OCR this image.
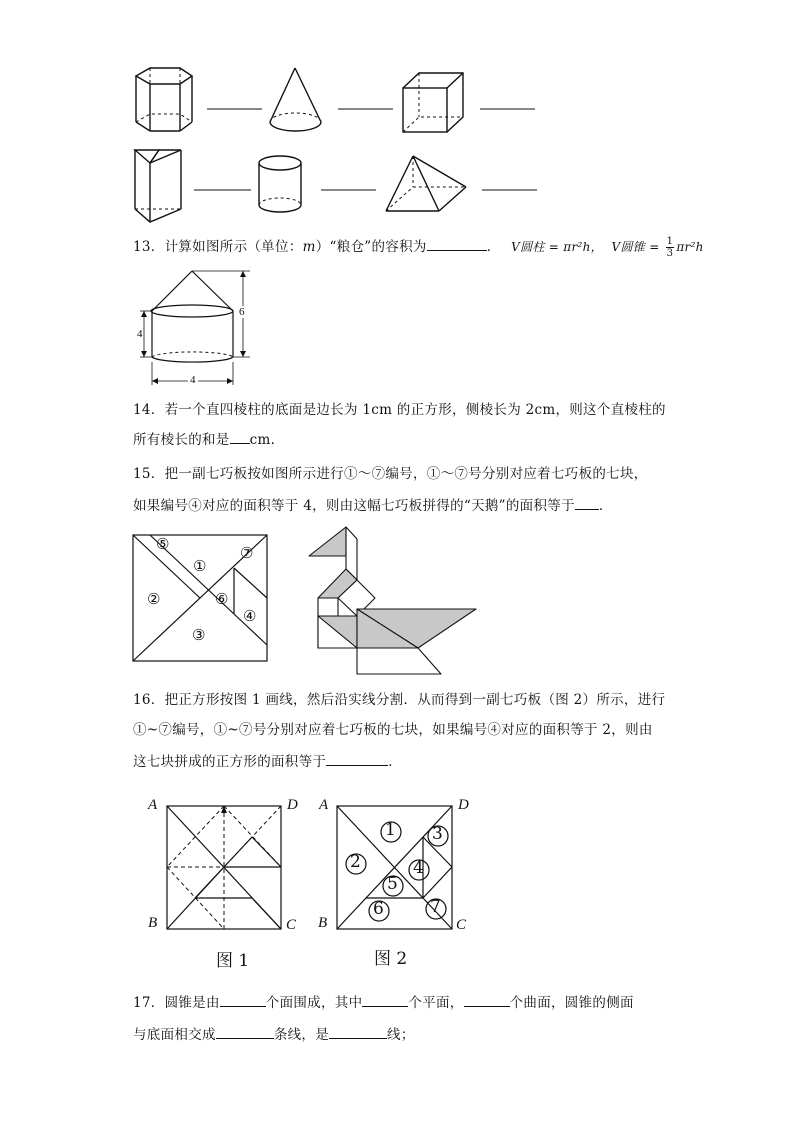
13．计算如图所示（单位：m）“粮仓”的容积为	． V圆柱 = πr²h， V圆锥 = $\frac{1}{3} \pi r^2h$
4
6
4
14．若一个直四棱柱的底面是边长为 1cm 的正方形，侧棱长为 2cm，则这个直棱柱的
所有棱长的和是 cm.
15．把一副七巧板按如图所示进行①～⑦编号，①～⑦号分别对应着七巧板的七块，
如果编号④对应的面积等于 4，则由这幅七巧板拼得的“天鹅”的面积等于 ．
⑤
①
⑦
②	⑥
④
③
16．把正方形按图 1 画线，然后沿实线分割．从而得到一副七巧板（图 2）所示，进行
①~⑦编号，①~⑦号分别对应着七巧板的七块，如果编号④对应的面积等于 2，则由
这七块拼成的正方形的面积等于	．
1
2
3
4
5
6	7
A	D
B	C
A	D
B	C
图 1	图 2
17．圆锥是由	个面围成，其中	个平面，	个曲面，圆锥的侧面
与底面相交成	条线，是	线；
